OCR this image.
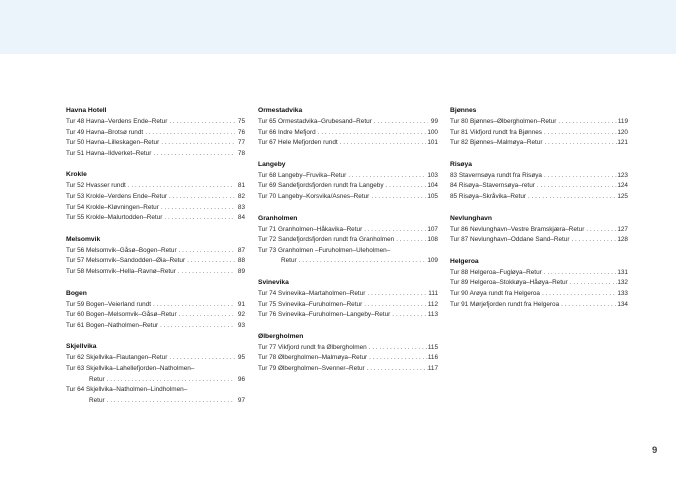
Havna Hotell
Tur 48 Havna–Verdens Ende–Retur . . .	75
Tur 49 Havna–Brotsø rundt . . .	76
Tur 50 Havna–Lilleskagen–Retur . . .	77
Tur 51 Havna–Ildverket–Retur . . .	78
Krokle
Tur 52 Hvasser rundt . . .	81
Tur 53 Krokle–Verdens Ende–Retur . . .	82
Tur 54 Krokle–Kløvningen–Retur . . .	83
Tur 55 Krokle–Malurtodden–Retur . . .	84
Melsomvik
Tur 56 Melsomvik–Gåsø–Bogen–Retur . . .	87
Tur 57 Melsomvik–Sandodden–Øia–Retur . . .	88
Tur 58 Melsomvik–Hella–Ravnø–Retur . . .	89
Bogen
Tur 59 Bogen–Veierland rundt . . .	91
Tur 60 Bogen–Melsomvik–Gåsø–Retur . . .	92
Tur 61 Bogen–Natholmen–Retur . . .	93
Skjellvika
Tur 62 Skjellvika–Flautangen–Retur . . .	95
Tur 63 Skjellvika–Lahellefjorden–Natholmen–
Retur . . .	96
Tur 64 Skjellvika–Natholmen–Lindholmen–
Retur . . .	97
Ormestadvika
Tur 65 Ormestadvika–Grubesand–Retur . . .	99
Tur 66 Indre Mefjord . . .	100
Tur 67 Hele Mefjorden rundt . . .	101
Langeby
Tur 68 Langeby–Fruvika–Retur . . .	103
Tur 69 Sandefjordsfjorden rundt fra Langeby . . .	104
Tur 70 Langeby–Korsvika/Asnes–Retur . . .	105
Granholmen
Tur 71 Granholmen–Håkavika–Retur . . .	107
Tur 72 Sandefjordsfjorden rundt fra Granholmen . . .	108
Tur 73 Granholmen –Furuholmen–Uleholmen–
Retur . . .	109
Svinevika
Tur 74 Svinevika–Martaholmen–Retur . . .	111
Tur 75 Svinevika–Furuholmen–Retur . . .	112
Tur 76 Svinevika–Furuholmen–Langeby–Retur . . .	113
Ølbergholmen
Tur 77 Vikfjord rundt fra Ølbergholmen . . .	115
Tur 78 Ølbergholmen–Malmøya–Retur . . .	116
Tur 79 Ølbergholmen–Svenner–Retur . . .	117
Bjønnes
Tur 80 Bjønnes–Ølbergholmen–Retur . . .	119
Tur 81 Vikfjord rundt fra Bjønnes . . .	120
Tur 82 Bjønnes–Malmøya–Retur . . .	121
Risøya
83 Stavernsøya rundt fra Risøya . . .	123
84 Risøya–Stavernsøya–retur . . .	124
85 Risøya–Skråvika–Retur . . .	125
Nevlunghavn
Tur 86 Nevlunghavn–Vestre Bramskjæra–Retur . . .	127
Tur 87 Nevlunghavn–Oddane Sand–Retur . . .	128
Helgeroa
Tur 88 Helgeroa–Fugløya–Retur . . .	131
Tur 89 Helgeroa–Stokkøya–Håøya–Retur . . .	132
Tur 90 Arøya rundt fra Helgeroa . . .	133
Tur 91 Mørjefjorden rundt fra Helgeroa . . .	134
9
